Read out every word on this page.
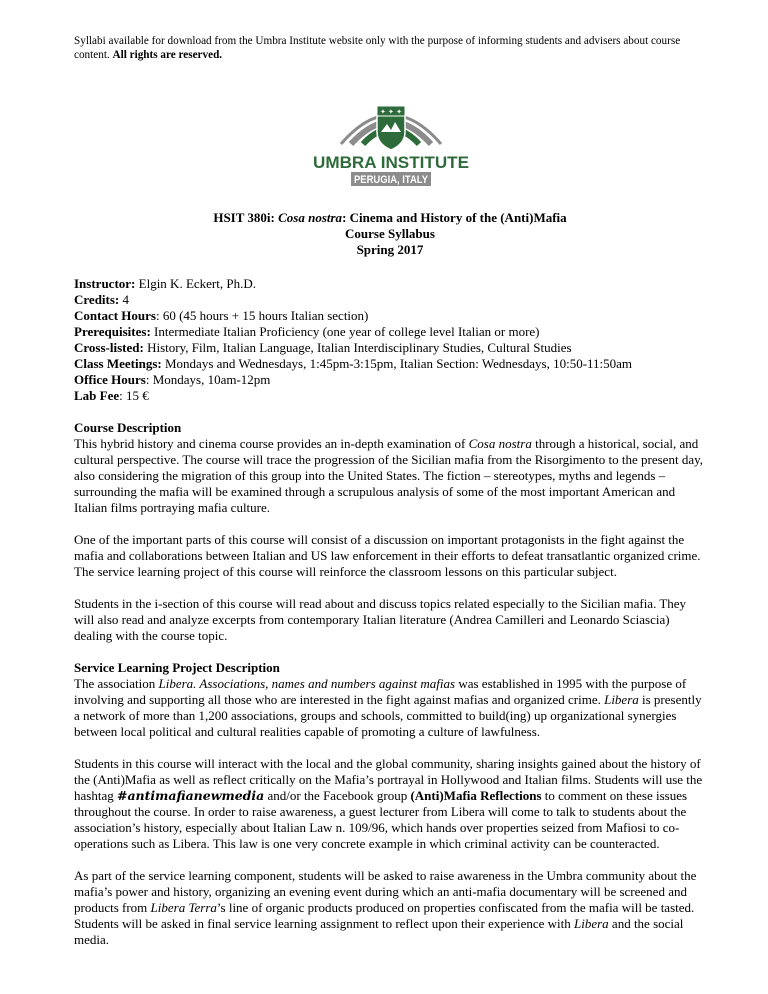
Syllabi available for download from the Umbra Institute website only with the purpose of informing students and advisers about course content. All rights are reserved.
✦ ✦ ✦
UMBRA INSTITUTE
PERUGIA, ITALY
HSIT 380i: Cosa nostra: Cinema and History of the (Anti)Mafia
Course Syllabus
Spring 2017
Instructor: Elgin K. Eckert, Ph.D.
Credits: 4
Contact Hours: 60 (45 hours + 15 hours Italian section)
Prerequisites: Intermediate Italian Proficiency (one year of college level Italian or more)
Cross-listed: History, Film, Italian Language, Italian Interdisciplinary Studies, Cultural Studies
Class Meetings: Mondays and Wednesdays, 1:45pm-3:15pm, Italian Section: Wednesdays, 10:50-11:50am
Office Hours: Mondays, 10am-12pm
Lab Fee: 15 €
Course Description

This hybrid history and cinema course provides an in-depth examination of Cosa nostra through a historical, social, and cultural perspective. The course will trace the progression of the Sicilian mafia from the Risorgimento to the present day, also considering the migration of this group into the United States. The fiction – stereotypes, myths and legends – surrounding the mafia will be examined through a scrupulous analysis of some of the most important American and Italian films portraying mafia culture.

One of the important parts of this course will consist of a discussion on important protagonists in the fight against the mafia and collaborations between Italian and US law enforcement in their efforts to defeat transatlantic organized crime. The service learning project of this course will reinforce the classroom lessons on this particular subject.

Students in the i-section of this course will read about and discuss topics related especially to the Sicilian mafia. They will also read and analyze excerpts from contemporary Italian literature (Andrea Camilleri and Leonardo Sciascia) dealing with the course topic.

Service Learning Project Description

The association Libera. Associations, names and numbers against mafias was established in 1995 with the purpose of involving and supporting all those who are interested in the fight against mafias and organized crime. Libera is presently a network of more than 1,200 associations, groups and schools, committed to build(ing) up organizational synergies between local political and cultural realities capable of promoting a culture of lawfulness.

Students in this course will interact with the local and the global community, sharing insights gained about the history of the (Anti)Mafia as well as reflect critically on the Mafia’s portrayal in Hollywood and Italian films. Students will use the hashtag #antimafianewmedia and/or the Facebook group (Anti)Mafia Reflections to comment on these issues throughout the course. In order to raise awareness, a guest lecturer from Libera will come to talk to students about the association’s history, especially about Italian Law n. 109/96, which hands over properties seized from Mafiosi to co-operations such as Libera. This law is one very concrete example in which criminal activity can be counteracted.

As part of the service learning component, students will be asked to raise awareness in the Umbra community about the mafia’s power and history, organizing an evening event during which an anti-mafia documentary will be screened and products from Libera Terra’s line of organic products produced on properties confiscated from the mafia will be tasted. Students will be asked in final service learning assignment to reflect upon their experience with Libera and the social media.
